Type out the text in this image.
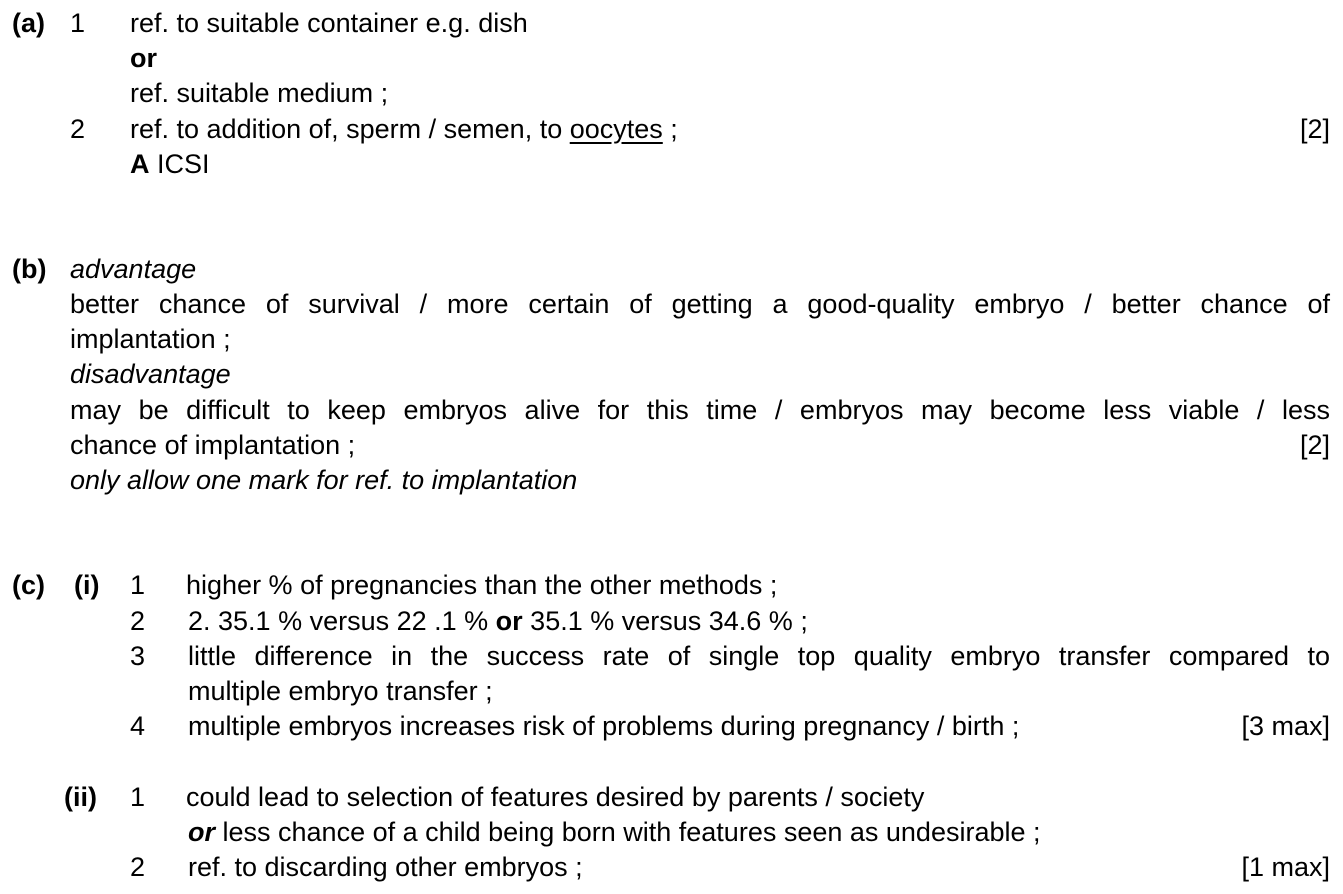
(a) 1 ref. to suitable container e.g. dish
or
ref. suitable medium ;
2 ref. to addition of, sperm / semen, to oocytes ;	[2]
A ICSI
(b) advantage
better chance of survival / more certain of getting a good-quality embryo / better chance of
implantation ;
disadvantage
may be difficult to keep embryos alive for this time / embryos may become less viable / less
chance of implantation ;	[2]
only allow one mark for ref. to implantation
(c) (i) 1 higher % of pregnancies than the other methods ;
2 2. 35.1 % versus 22 .1 % or 35.1 % versus 34.6 % ;
3 little difference in the success rate of single top quality embryo transfer compared to
multiple embryo transfer ;
4 multiple embryos increases risk of problems during pregnancy / birth ;	[3 max]
(ii) 1 could lead to selection of features desired by parents / society
or less chance of a child being born with features seen as undesirable ;
2 ref. to discarding other embryos ;	[1 max]
